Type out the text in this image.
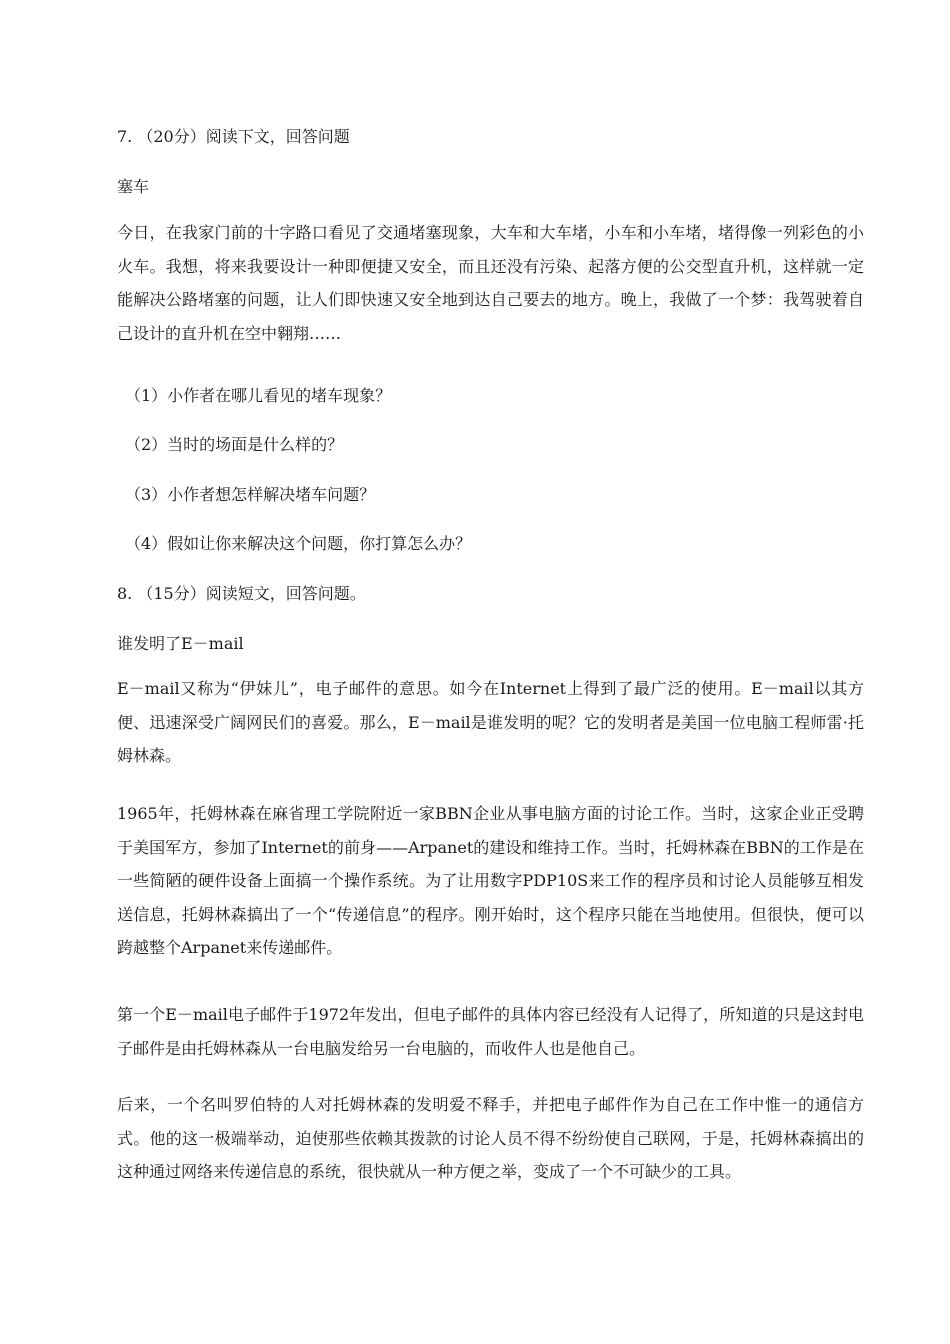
7. （20分）阅读下文，回答问题
塞车
今日，在我家门前的十字路口看见了交通堵塞现象，大车和大车堵，小车和小车堵，堵得像一列彩色的小火车。我想，将来我要设计一种即便捷又安全，而且还没有污染、起落方便的公交型直升机，这样就一定能解决公路堵塞的问题，让人们即快速又安全地到达自己要去的地方。晚上，我做了一个梦：我驾驶着自己设计的直升机在空中翱翔……
（1）小作者在哪儿看见的堵车现象？
（2）当时的场面是什么样的？
（3）小作者想怎样解决堵车问题？
（4）假如让你来解决这个问题，你打算怎么办？
8. （15分）阅读短文，回答问题。
谁发明了E－mail
E－mail又称为“伊妹儿”，电子邮件的意思。如今在Internet上得到了最广泛的使用。E－mail以其方便、迅速深受广阔网民们的喜爱。那么，E－mail是谁发明的呢？它的发明者是美国一位电脑工程师雷·托姆林森。
1965年，托姆林森在麻省理工学院附近一家BBN企业从事电脑方面的讨论工作。当时，这家企业正受聘于美国军方，参加了Internet的前身——Arpanet的建设和维持工作。当时，托姆林森在BBN的工作是在一些简陋的硬件设备上面搞一个操作系统。为了让用数字PDP10S来工作的程序员和讨论人员能够互相发送信息，托姆林森搞出了一个“传递信息”的程序。刚开始时，这个程序只能在当地使用。但很快，便可以跨越整个Arpanet来传递邮件。
第一个E－mail电子邮件于1972年发出，但电子邮件的具体内容已经没有人记得了，所知道的只是这封电子邮件是由托姆林森从一台电脑发给另一台电脑的，而收件人也是他自己。
后来，一个名叫罗伯特的人对托姆林森的发明爱不释手，并把电子邮件作为自己在工作中惟一的通信方式。他的这一极端举动，迫使那些依赖其拨款的讨论人员不得不纷纷使自己联网，于是，托姆林森搞出的这种通过网络来传递信息的系统，很快就从一种方便之举，变成了一个不可缺少的工具。
